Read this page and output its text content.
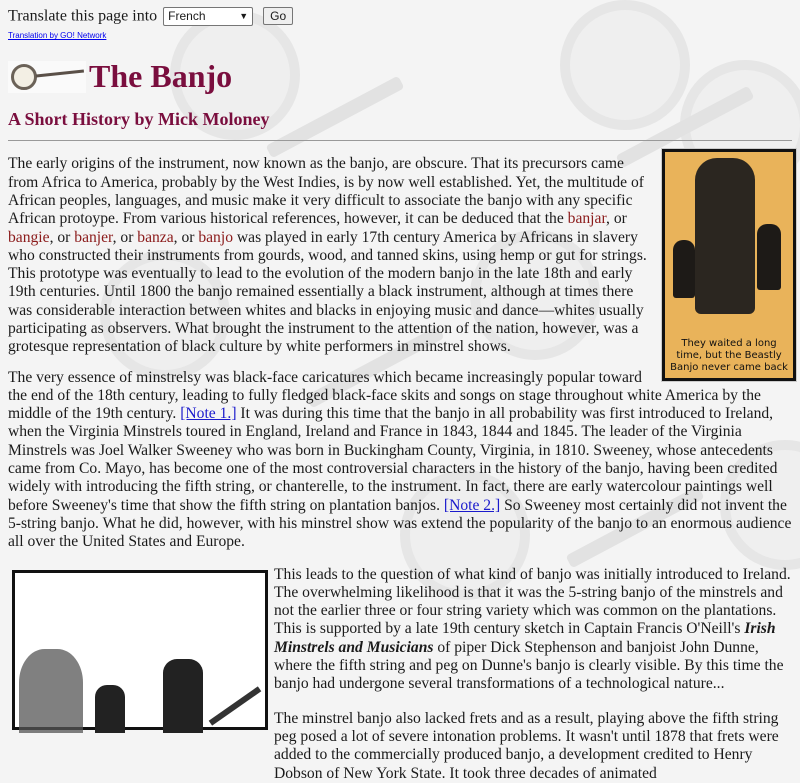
Translate this page into French	▼ Go
Translation by GO! Network
The Banjo
A Short History by Mick Moloney
They waited a long
time, but the Beastly
Banjo never came back

The early origins of the instrument, now known as the banjo, are obscure. That its precursors came from Africa to America, probably by the West Indies, is by now well established. Yet, the multitude of African peoples, languages, and music make it very difficult to associate the banjo with any specific African protoype. From various historical references, however, it can be deduced that the banjar, or bangie, or banjer, or banza, or banjo was played in early 17th century America by Africans in slavery who constructed their instruments from gourds, wood, and tanned skins, using hemp or gut for strings. This prototype was eventually to lead to the evolution of the modern banjo in the late 18th and early 19th centuries. Until 1800 the banjo remained essentially a black instrument, although at times there was considerable interaction between whites and blacks in enjoying music and dance—whites usually participating as observers. What brought the instrument to the attention of the nation, however, was a grotesque representation of black culture by white performers in minstrel shows.

The very essence of minstrelsy was black-face caricatures which became increasingly popular toward the end of the 18th century, leading to fully fledged black-face skits and songs on stage throughout white America by the middle of the 19th century. [Note 1.] It was during this time that the banjo in all probability was first introduced to Ireland, when the Virginia Minstrels toured in England, Ireland and France in 1843, 1844 and 1845. The leader of the Virginia Minstrels was Joel Walker Sweeney who was born in Buckingham County, Virginia, in 1810. Sweeney, whose antecedents came from Co. Mayo, has become one of the most controversial characters in the history of the banjo, having been credited widely with introducing the fifth string, or chanterelle, to the instrument. In fact, there are early watercolour paintings well before Sweeney's time that show the fifth string on plantation banjos. [Note 2.] So Sweeney most certainly did not invent the 5-string banjo. What he did, however, with his minstrel show was extend the popularity of the banjo to an enormous audience all over the United States and Europe.

This leads to the question of what kind of banjo was initially introduced to Ireland. The overwhelming likelihood is that it was the 5-string banjo of the minstrels and not the earlier three or four string variety which was common on the plantations. This is supported by a late 19th century sketch in Captain Francis O'Neill's Irish Minstrels and Musicians of piper Dick Stephenson and banjoist John Dunne, where the fifth string and peg on Dunne's banjo is clearly visible. By this time the banjo had undergone several transformations of a technological nature...

The minstrel banjo also lacked frets and as a result, playing above the fifth string peg posed a lot of severe intonation problems. It wasn't until 1878 that frets were added to the commercially produced banjo, a development credited to Henry Dobson of New York State. It took three decades of animated
